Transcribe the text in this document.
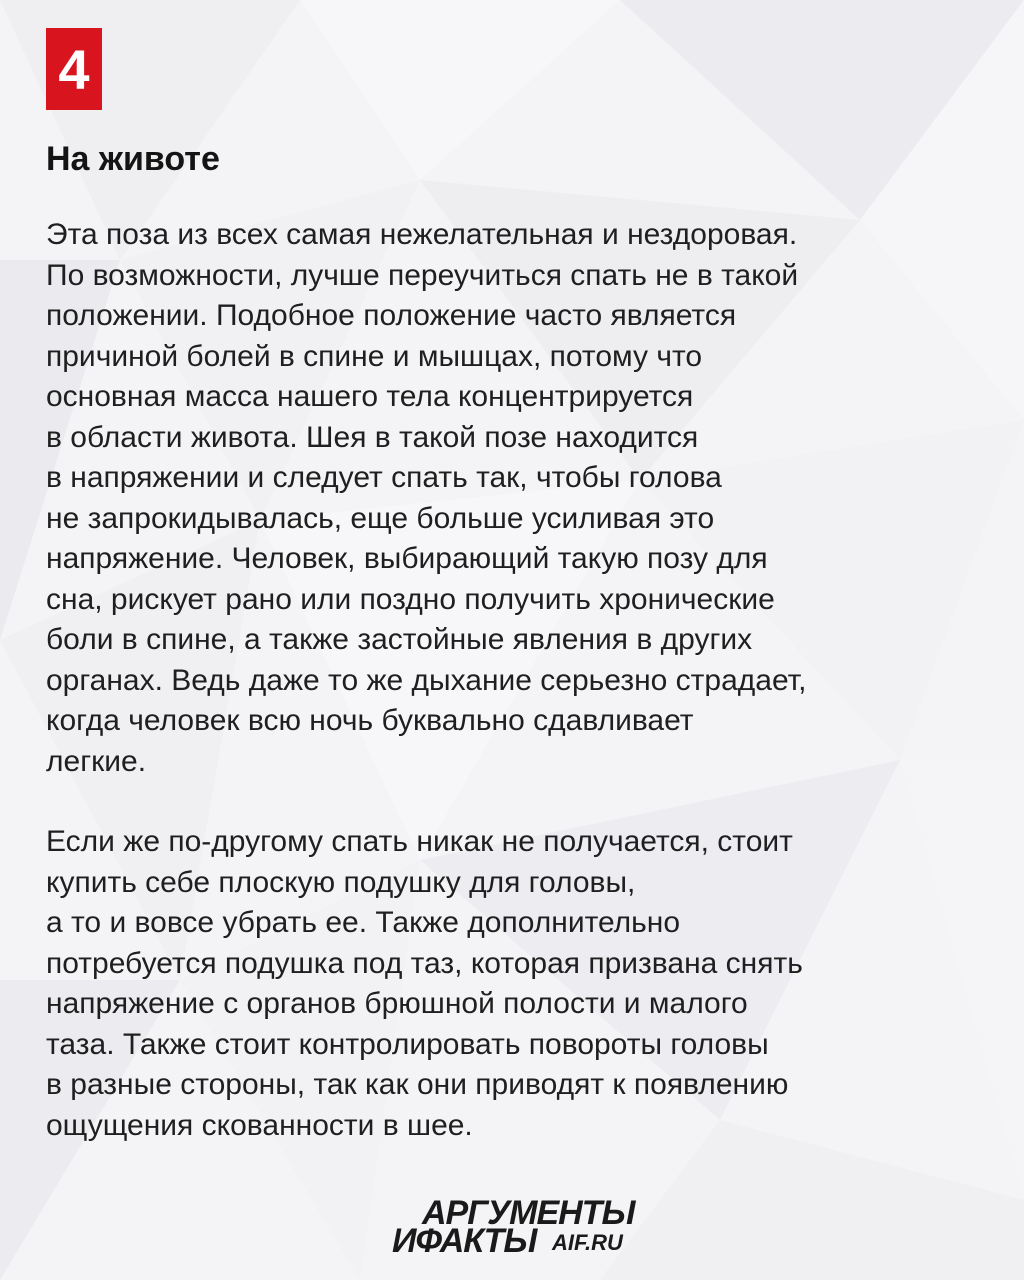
4
На животе
Эта поза из всех самая нежелательная и нездоровая.
По возможности, лучше переучиться спать не в такой
положении. Подобное положение часто является
причиной болей в спине и мышцах, потому что
основная масса нашего тела концентрируется
в области живота. Шея в такой позе находится
в напряжении и следует спать так, чтобы голова
не запрокидывалась, еще больше усиливая это
напряжение. Человек, выбирающий такую позу для
сна, рискует рано или поздно получить хронические
боли в спине, а также застойные явления в других
органах. Ведь даже то же дыхание серьезно страдает,
когда человек всю ночь буквально сдавливает
легкие.
Если же по-другому спать никак не получается, стоит
купить себе плоскую подушку для головы,
а то и вовсе убрать ее. Также дополнительно
потребуется подушка под таз, которая призвана снять
напряжение с органов брюшной полости и малого
таза. Также стоит контролировать повороты головы
в разные стороны, так как они приводят к появлению
ощущения скованности в шее.
АРГУМЕНТЫ
ИФАКТЫ AIF.RU
